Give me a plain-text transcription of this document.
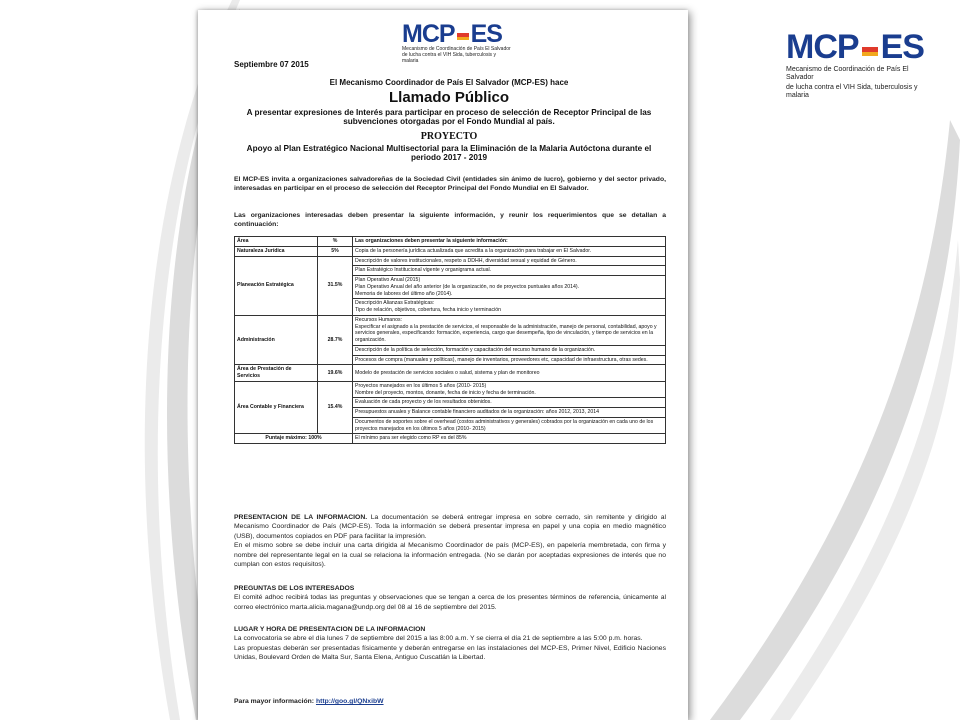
MCP ES
Mecanismo de Coordinación de País El Salvador
de lucha contra el VIH Sida, tuberculosis y malaria
MCP ES
Mecanismo de Coordinación de País El Salvador
de lucha contra el VIH Sida, tuberculosis y malaria
Septiembre 07 2015
El Mecanismo Coordinador de País El Salvador (MCP-ES) hace
Llamado Público
A presentar expresiones de Interés para participar en proceso de selección de Receptor Principal de las subvenciones otorgadas por el Fondo Mundial al país.
PROYECTO
Apoyo al Plan Estratégico Nacional Multisectorial para la Eliminación de la Malaria Autóctona durante el periodo 2017 - 2019
El MCP-ES invita a organizaciones salvadoreñas de la Sociedad Civil (entidades sin ánimo de lucro), gobierno y del sector privado, interesadas en participar en el proceso de selección del Receptor Principal del Fondo Mundial en El Salvador.
Las organizaciones interesadas deben presentar la siguiente información, y reunir los requerimientos que se detallan a continuación:
Área	%	Las organizaciones deben presentar la siguiente información:
Naturaleza Jurídica	5%	Copia de la personería jurídica actualizada que acredita a la organización para trabajar en El Salvador.
Planeación Estratégica	31.5%	Descripción de valores institucionales, respeto a DDHH, diversidad sexual y equidad de Género.
		Plan Estratégico Institucional vigente y organigrama actual.
		Plan Operativo Anual (2015)
Plan Operativo Anual del año anterior (de la organización, no de proyectos puntuales años 2014).
Memoria de labores del último año (2014).
		Descripción Alianzas Estratégicas:
Tipo de relación, objetivos, cobertura, fecha inicio y terminación
Administración	28.7%	Recursos Humanos:
Especificar el asignado a la prestación de servicios, el responsable de la administración, manejo de personal, contabilidad, apoyo y servicios generales, especificando: formación, experiencia, cargo que desempeña, tipo de vinculación, y tiempo de servicios en la organización.
		Descripción de la política de selección, formación y capacitación del recurso humano de la organización.
		Procesos de compra (manuales y políticas), manejo de inventarios, proveedores etc, capacidad de infraestructura, otras sedes.
Área de Prestación de Servicios	19.6%	Modelo de prestación de servicios sociales o salud, sistema y plan de monitoreo
Área Contable y Financiera	15.4%	Proyectos manejados en los últimos 5 años (2010- 2015)
Nombre del proyecto, montos, donante, fecha de inicio y fecha de terminación.
		Evaluación de cada proyecto y de los resultados obtenidos.
		Presupuestos anuales y Balance contable financiero auditados de la organización: años 2012, 2013, 2014
		Documentos de soportes sobre el overhead (costos administrativos y generales) cobrados por la organización en cada uno de los proyectos manejados en los últimos 5 años (2010- 2015)
Puntaje máximo: 100%		El mínimo para ser elegido como RP es del 85%
PRESENTACION DE LA INFORMACION. La documentación se deberá entregar impresa en sobre cerrado, sin remitente y dirigido al Mecanismo Coordinador de País (MCP-ES). Toda la información se deberá presentar impresa en papel y una copia en medio magnético (USB), documentos copiados en PDF para facilitar la impresión.
En el mismo sobre se debe incluir una carta dirigida al Mecanismo Coordinador de país (MCP-ES), en papelería membretada, con firma y nombre del representante legal en la cual se relaciona la información entregada. (No se darán por aceptadas expresiones de interés que no cumplan con estos requisitos).
PREGUNTAS DE LOS INTERESADOS
El comité adhoc recibirá todas las preguntas y observaciones que se tengan a cerca de los presentes términos de referencia, únicamente al correo electrónico marta.alicia.magana@undp.org del 08 al 16 de septiembre del 2015.
LUGAR Y HORA DE PRESENTACION DE LA INFORMACION
La convocatoria se abre el día lunes 7 de septiembre del 2015 a las 8:00 a.m. Y se cierra el día 21 de septiembre a las 5:00 p.m. horas.
Las propuestas deberán ser presentadas físicamente y deberán entregarse en las instalaciones del MCP-ES, Primer Nivel, Edificio Naciones Unidas, Boulevard Orden de Malta Sur, Santa Elena, Antiguo Cuscatlán la Libertad.
Para mayor información: http://goo.gl/QNxibW
